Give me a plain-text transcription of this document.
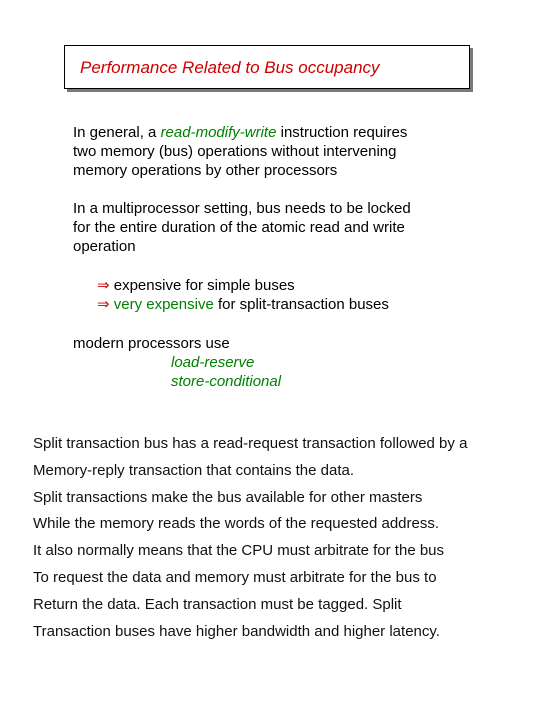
Performance Related to Bus occupancy
In general, a read-modify-write instruction requires
two memory (bus) operations without intervening
memory operations by other processors
In a multiprocessor setting, bus needs to be locked
for the entire duration of the atomic read and write
operation
⇒ expensive for simple buses
⇒ very expensive for split-transaction buses
modern processors use
load-reserve
store-conditional
Split transaction bus has a read-request transaction followed by a
Memory-reply transaction that contains the data.
Split transactions make the bus available for other masters
While the memory reads the words of the requested address.
It also normally means that the CPU must arbitrate for the bus
To request the data and memory must arbitrate for the bus to
Return the data. Each transaction must be tagged. Split
Transaction buses have higher bandwidth and higher latency.
